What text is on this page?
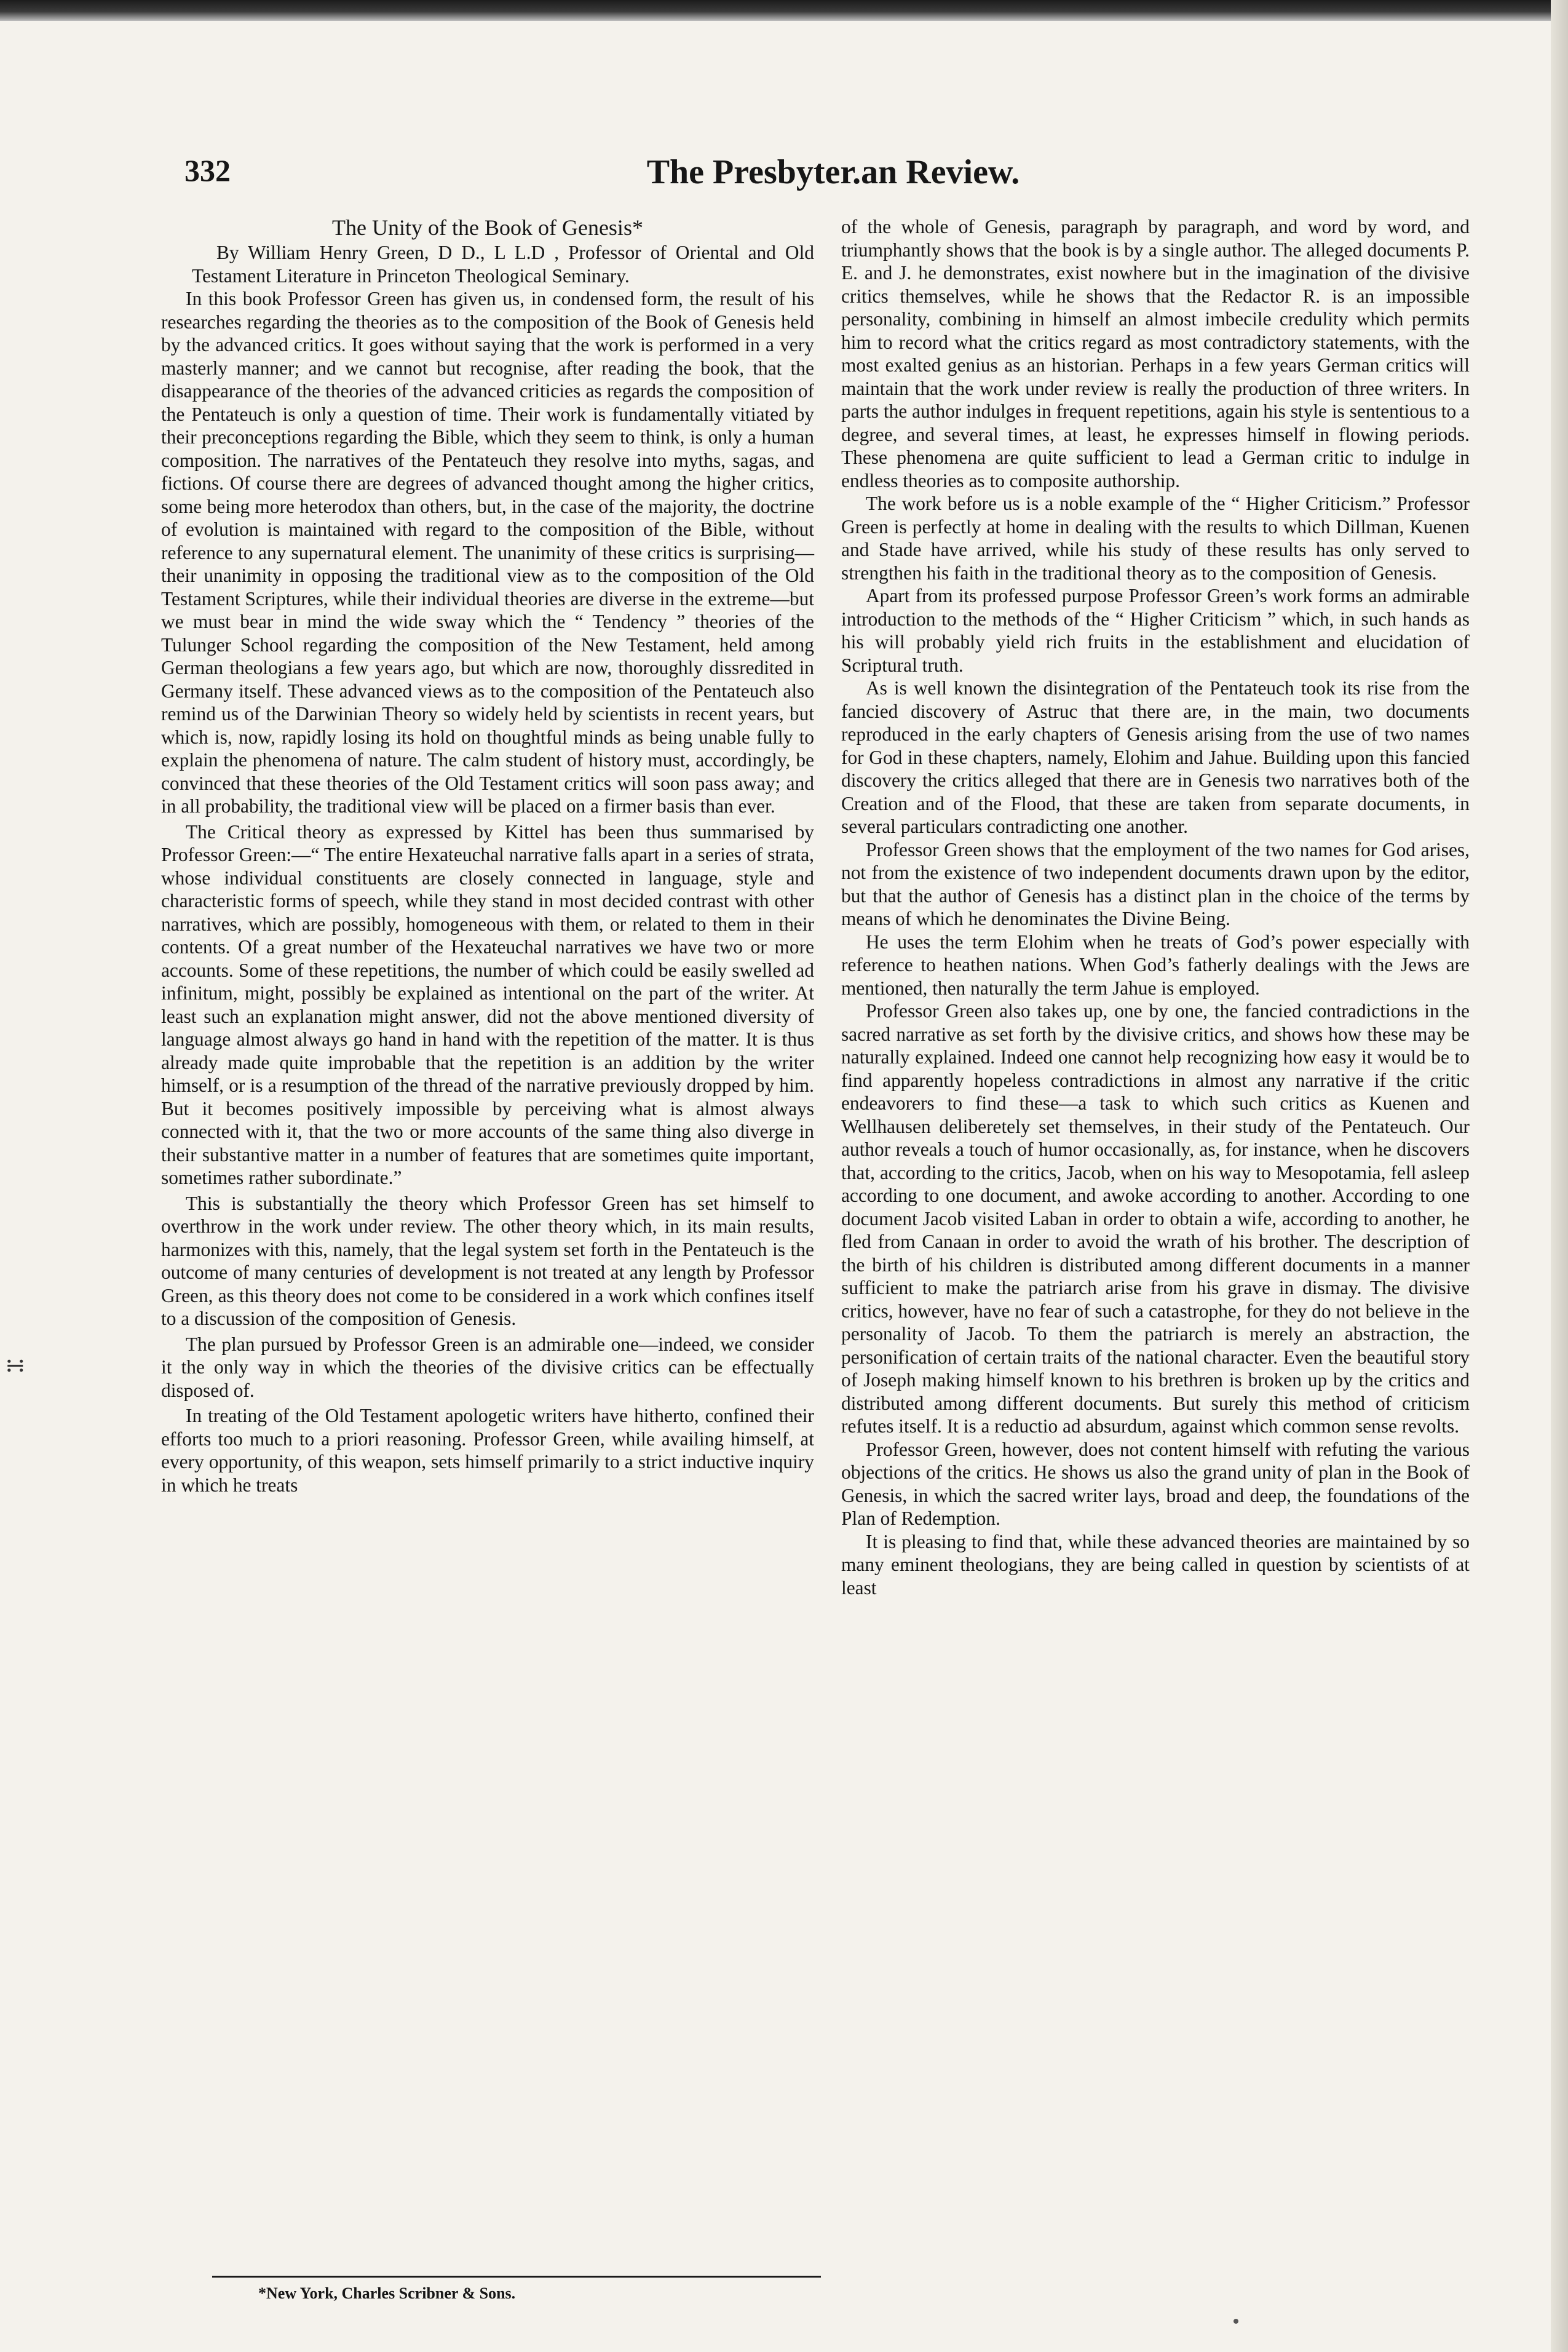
332	The Presbyter.an Review.
The Unity of the Book of Genesis*

By William Henry Green, D D., L L.D , Professor of Oriental and Old Testament Literature in Princeton Theological Seminary.

In this book Professor Green has given us, in condensed form, the result of his researches regarding the theories as to the composition of the Book of Genesis held by the advanced critics. It goes without saying that the work is performed in a very masterly manner; and we cannot but recognise, after reading the book, that the disappearance of the theories of the advanced criticies as regards the composition of the Pentateuch is only a question of time. Their work is fundamentally vitiated by their preconceptions regarding the Bible, which they seem to think, is only a human composition. The narratives of the Pentateuch they resolve into myths, sagas, and fictions. Of course there are degrees of advanced thought among the higher critics, some being more heterodox than others, but, in the case of the majority, the doctrine of evolution is maintained with regard to the composition of the Bible, without reference to any supernatural element. The unanimity of these critics is surprising—their unanimity in opposing the traditional view as to the composition of the Old Testament Scriptures, while their individual theories are diverse in the extreme—but we must bear in mind the wide sway which the “ Tendency ” theories of the Tulunger School regarding the composition of the New Testament, held among German theologians a few years ago, but which are now, thoroughly dissredited in Germany itself. These advanced views as to the composition of the Pentateuch also remind us of the Darwinian Theory so widely held by scientists in recent years, but which is, now, rapidly losing its hold on thoughtful minds as being unable fully to explain the phenomena of nature. The calm student of history must, accordingly, be convinced that these theories of the Old Testament critics will soon pass away; and in all probability, the traditional view will be placed on a firmer basis than ever.

The Critical theory as expressed by Kittel has been thus summarised by Professor Green:—“ The entire Hexateuchal narrative falls apart in a series of strata, whose individual constituents are closely connected in language, style and characteristic forms of speech, while they stand in most decided contrast with other narratives, which are possibly, homogeneous with them, or related to them in their contents. Of a great number of the Hexateuchal narratives we have two or more accounts. Some of these repetitions, the number of which could be easily swelled ad infinitum, might, possibly be explained as intentional on the part of the writer. At least such an explanation might answer, did not the above mentioned diversity of language almost always go hand in hand with the repetition of the matter. It is thus already made quite improbable that the repetition is an addition by the writer himself, or is a resumption of the thread of the narrative previously dropped by him. But it becomes positively impossible by perceiving what is almost always connected with it, that the two or more accounts of the same thing also diverge in their substantive matter in a number of features that are sometimes quite important, sometimes rather subordinate.”

This is substantially the theory which Professor Green has set himself to overthrow in the work under review. The other theory which, in its main results, harmonizes with this, namely, that the legal system set forth in the Pentateuch is the outcome of many centuries of development is not treated at any length by Professor Green, as this theory does not come to be considered in a work which confines itself to a discussion of the composition of Genesis.

The plan pursued by Professor Green is an admirable one—indeed, we consider it the only way in which the theories of the divisive critics can be effectually disposed of.

In treating of the Old Testament apologetic writers have hitherto, confined their efforts too much to a priori reasoning. Professor Green, while availing himself, at every opportunity, of this weapon, sets himself primarily to a strict inductive inquiry in which he treats

of the whole of Genesis, paragraph by paragraph, and word by word, and triumphantly shows that the book is by a single author. The alleged documents P. E. and J. he demonstrates, exist nowhere but in the imagination of the divisive critics themselves, while he shows that the Redactor R. is an impossible personality, combining in himself an almost imbecile credulity which permits him to record what the critics regard as most contradictory statements, with the most exalted genius as an historian. Perhaps in a few years German critics will maintain that the work under review is really the production of three writers. In parts the author indulges in frequent repetitions, again his style is sententious to a degree, and several times, at least, he expresses himself in flowing periods. These phenomena are quite sufficient to lead a German critic to indulge in endless theories as to composite authorship.

The work before us is a noble example of the “ Higher Criticism.” Professor Green is perfectly at home in dealing with the results to which Dillman, Kuenen and Stade have arrived, while his study of these results has only served to strengthen his faith in the traditional theory as to the composition of Genesis.

Apart from its professed purpose Professor Green’s work forms an admirable introduction to the methods of the “ Higher Criticism ” which, in such hands as his will probably yield rich fruits in the establishment and elucidation of Scriptural truth.

As is well known the disintegration of the Pentateuch took its rise from the fancied discovery of Astruc that there are, in the main, two documents reproduced in the early chapters of Genesis arising from the use of two names for God in these chapters, namely, Elohim and Jahue. Building upon this fancied discovery the critics alleged that there are in Genesis two narratives both of the Creation and of the Flood, that these are taken from separate documents, in several particulars contradicting one another.

Professor Green shows that the employment of the two names for God arises, not from the existence of two independent documents drawn upon by the editor, but that the author of Genesis has a distinct plan in the choice of the terms by means of which he denominates the Divine Being.

He uses the term Elohim when he treats of God’s power especially with reference to heathen nations. When God’s fatherly dealings with the Jews are mentioned, then naturally the term Jahue is employed.

Professor Green also takes up, one by one, the fancied contradictions in the sacred narrative as set forth by the divisive critics, and shows how these may be naturally explained. Indeed one cannot help recognizing how easy it would be to find apparently hopeless contradictions in almost any narrative if the critic endeavorers to find these—a task to which such critics as Kuenen and Wellhausen deliberetely set themselves, in their study of the Pentateuch. Our author reveals a touch of humor occasionally, as, for instance, when he discovers that, according to the critics, Jacob, when on his way to Mesopotamia, fell asleep according to one document, and awoke according to another. According to one document Jacob visited Laban in order to obtain a wife, according to another, he fled from Canaan in order to avoid the wrath of his brother. The description of the birth of his children is distributed among different documents in a manner sufficient to make the patriarch arise from his grave in dismay. The divisive critics, however, have no fear of such a catastrophe, for they do not believe in the personality of Jacob. To them the patriarch is merely an abstraction, the personification of certain traits of the national character. Even the beautiful story of Joseph making himself known to his brethren is broken up by the critics and distributed among different documents. But surely this method of criticism refutes itself. It is a reductio ad absurdum, against which common sense revolts.

Professor Green, however, does not content himself with refuting the various objections of the critics. He shows us also the grand unity of plan in the Book of Genesis, in which the sacred writer lays, broad and deep, the foundations of the Plan of Redemption.

It is pleasing to find that, while these advanced theories are maintained by so many eminent theologians, they are being called in question by scientists of at least

*New York, Charles Scribner & Sons.
∺
